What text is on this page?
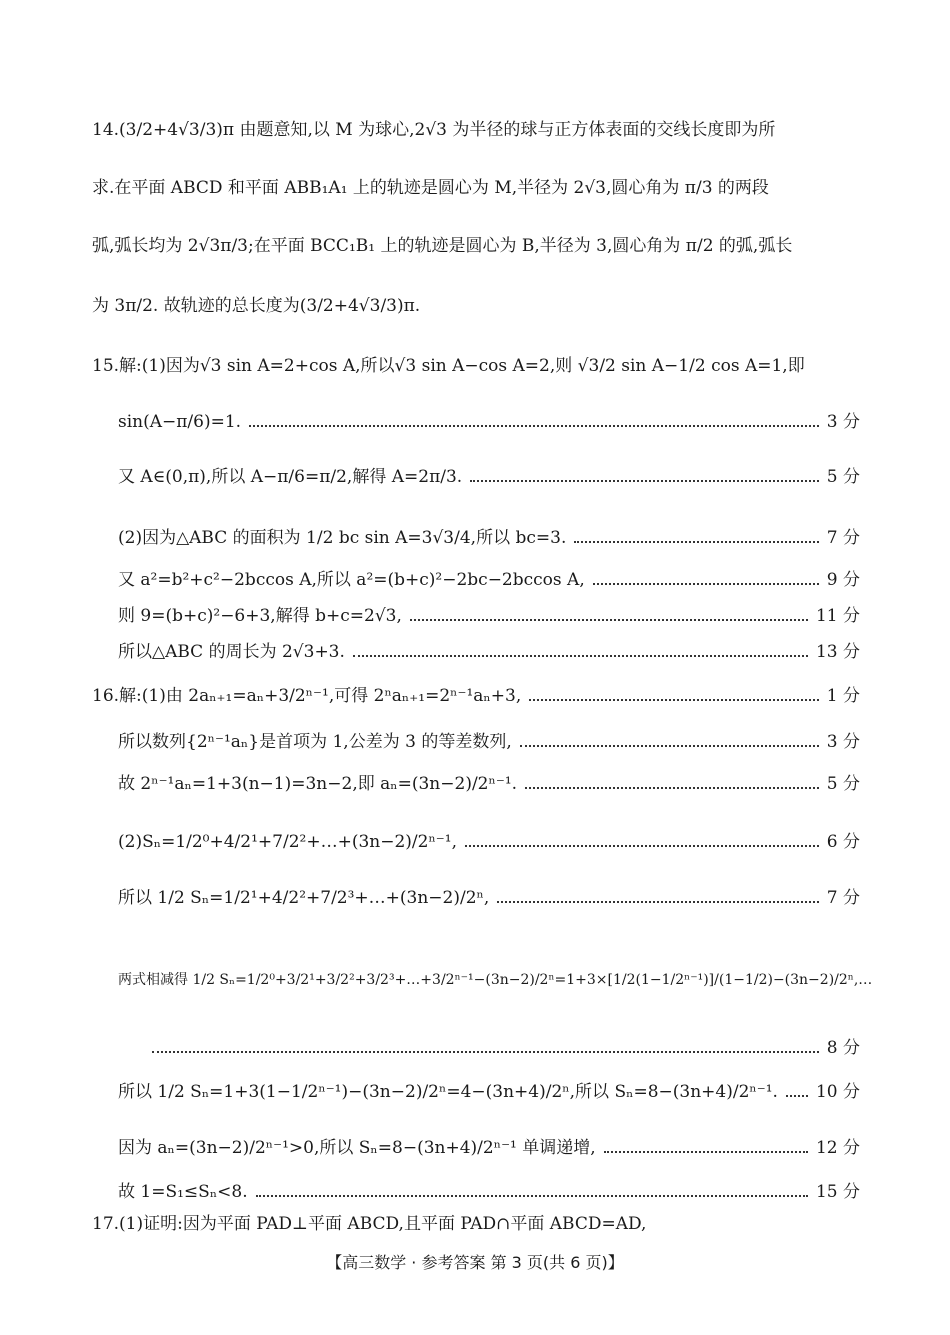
14.(3/2+4√3/3)π 由题意知,以 M 为球心,2√3 为半径的球与正方体表面的交线长度即为所
求.在平面 ABCD 和平面 ABB₁A₁ 上的轨迹是圆心为 M,半径为 2√3,圆心角为 π/3 的两段
弧,弧长均为 2√3π/3;在平面 BCC₁B₁ 上的轨迹是圆心为 B,半径为 3,圆心角为 π/2 的弧,弧长
为 3π/2. 故轨迹的总长度为(3/2+4√3/3)π.
15.解:(1)因为√3 sin A=2+cos A,所以√3 sin A−cos A=2,则 √3/2 sin A−1/2 cos A=1,即
sin(A−π/6)=1.	3 分
又 A∈(0,π),所以 A−π/6=π/2,解得 A=2π/3.	5 分
(2)因为△ABC 的面积为 1/2 bc sin A=3√3/4,所以 bc=3.	7 分
又 a²=b²+c²−2bccos A,所以 a²=(b+c)²−2bc−2bccos A,	9 分
则 9=(b+c)²−6+3,解得 b+c=2√3,	11 分
所以△ABC 的周长为 2√3+3.	13 分
16.解:(1)由 2aₙ₊₁=aₙ+3/2ⁿ⁻¹,可得 2ⁿaₙ₊₁=2ⁿ⁻¹aₙ+3,	1 分
所以数列{2ⁿ⁻¹aₙ}是首项为 1,公差为 3 的等差数列,	3 分
故 2ⁿ⁻¹aₙ=1+3(n−1)=3n−2,即 aₙ=(3n−2)/2ⁿ⁻¹.	5 分
(2)Sₙ=1/2⁰+4/2¹+7/2²+…+(3n−2)/2ⁿ⁻¹,	6 分
所以 1/2 Sₙ=1/2¹+4/2²+7/2³+…+(3n−2)/2ⁿ,	7 分
两式相减得 1/2 Sₙ=1/2⁰+3/2¹+3/2²+3/2³+…+3/2ⁿ⁻¹−(3n−2)/2ⁿ=1+3×[1/2(1−1/2ⁿ⁻¹)]/(1−1/2)−(3n−2)/2ⁿ,…
8 分
所以 1/2 Sₙ=1+3(1−1/2ⁿ⁻¹)−(3n−2)/2ⁿ=4−(3n+4)/2ⁿ,所以 Sₙ=8−(3n+4)/2ⁿ⁻¹. 10 分
因为 aₙ=(3n−2)/2ⁿ⁻¹>0,所以 Sₙ=8−(3n+4)/2ⁿ⁻¹ 单调递增,	12 分
故 1=S₁≤Sₙ<8.	15 分
17.(1)证明:因为平面 PAD⊥平面 ABCD,且平面 PAD∩平面 ABCD=AD,
【高三数学 · 参考答案 第 3 页(共 6 页)】
